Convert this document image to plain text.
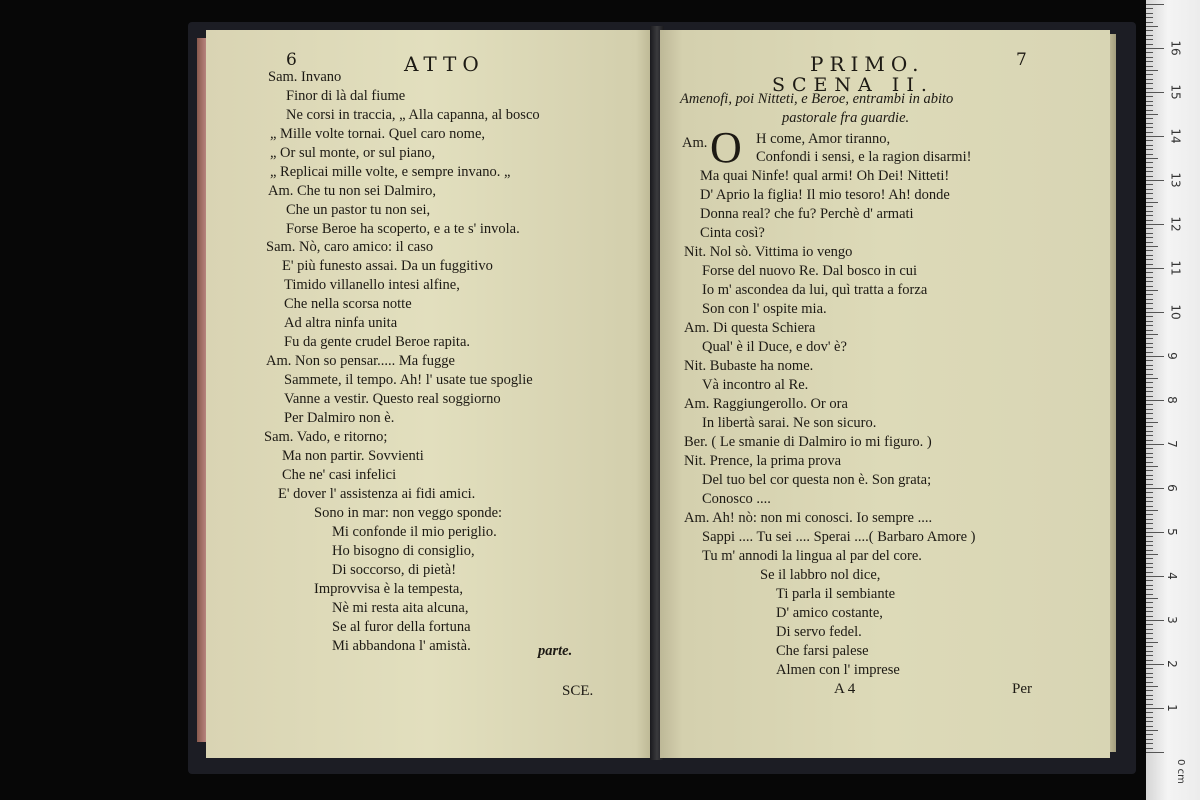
6	ATTO
Sam. Invano
Finor di là dal fiume
Ne corsi in traccia, „ Alla capanna, al bosco
„ Mille volte tornai. Quel caro nome,
„ Or sul monte, or sul piano,
„ Replicai mille volte, e sempre invano. „
Am. Che tu non sei Dalmiro,
Che un pastor tu non sei,
Forse Beroe ha scoperto, e a te s' invola.
Sam. Nò, caro amico: il caso
E' più funesto assai. Da un fuggitivo
Timido villanello intesi alfine,
Che nella scorsa notte
Ad altra ninfa unita
Fu da gente crudel Beroe rapita.
Am. Non so pensar..... Ma fugge
Sammete, il tempo. Ah! l' usate tue spoglie
Vanne a vestir. Questo real soggiorno
Per Dalmiro non è.
Sam. Vado, e ritorno;
Ma non partir. Sovvienti
Che ne' casi infelici
E' dover l' assistenza ai fidi amici.
Sono in mar: non veggo sponde:
Mi confonde il mio periglio.
Ho bisogno di consiglio,
Di soccorso, di pietà!
Improvvisa è la tempesta,
Nè mi resta aita alcuna,
Se al furor della fortuna
Mi abbandona l' amistà.	parte.
SCE.
PRIMO.	7
SCENA II.
Amenofi, poi Nitteti, e Beroe, entrambi in abito
pastorale fra guardie.
O
Am.	H come, Amor tiranno,
Confondi i sensi, e la ragion disarmi!
Ma quai Ninfe! qual armi! Oh Dei! Nitteti!
D' Aprio la figlia! Il mio tesoro! Ah! donde
Donna real? che fu? Perchè d' armati
Cinta così?
Nit. Nol sò. Vittima io vengo
Forse del nuovo Re. Dal bosco in cui
Io m' ascondea da lui, quì tratta a forza
Son con l' ospite mia.
Am. Di questa Schiera
Qual' è il Duce, e dov' è?
Nit. Bubaste ha nome.
Và incontro al Re.
Am. Raggiungerollo. Or ora
In libertà sarai. Ne son sicuro.
Ber. ( Le smanie di Dalmiro io mi figuro. )
Nit. Prence, la prima prova
Del tuo bel cor questa non è. Son grata;
Conosco ....
Am. Ah! nò: non mi conosci. Io sempre ....
Sappi .... Tu sei .... Sperai ....( Barbaro Amore )
Tu m' annodi la lingua al par del core.
Se il labbro nol dice,
Ti parla il sembiante
D' amico costante,
Di servo fedel.
Che farsi palese
Almen con l' imprese
A 4	Per
0 cm
1
2
3
4
5
6
7
8
9
10
11
12
13
14
15
16
